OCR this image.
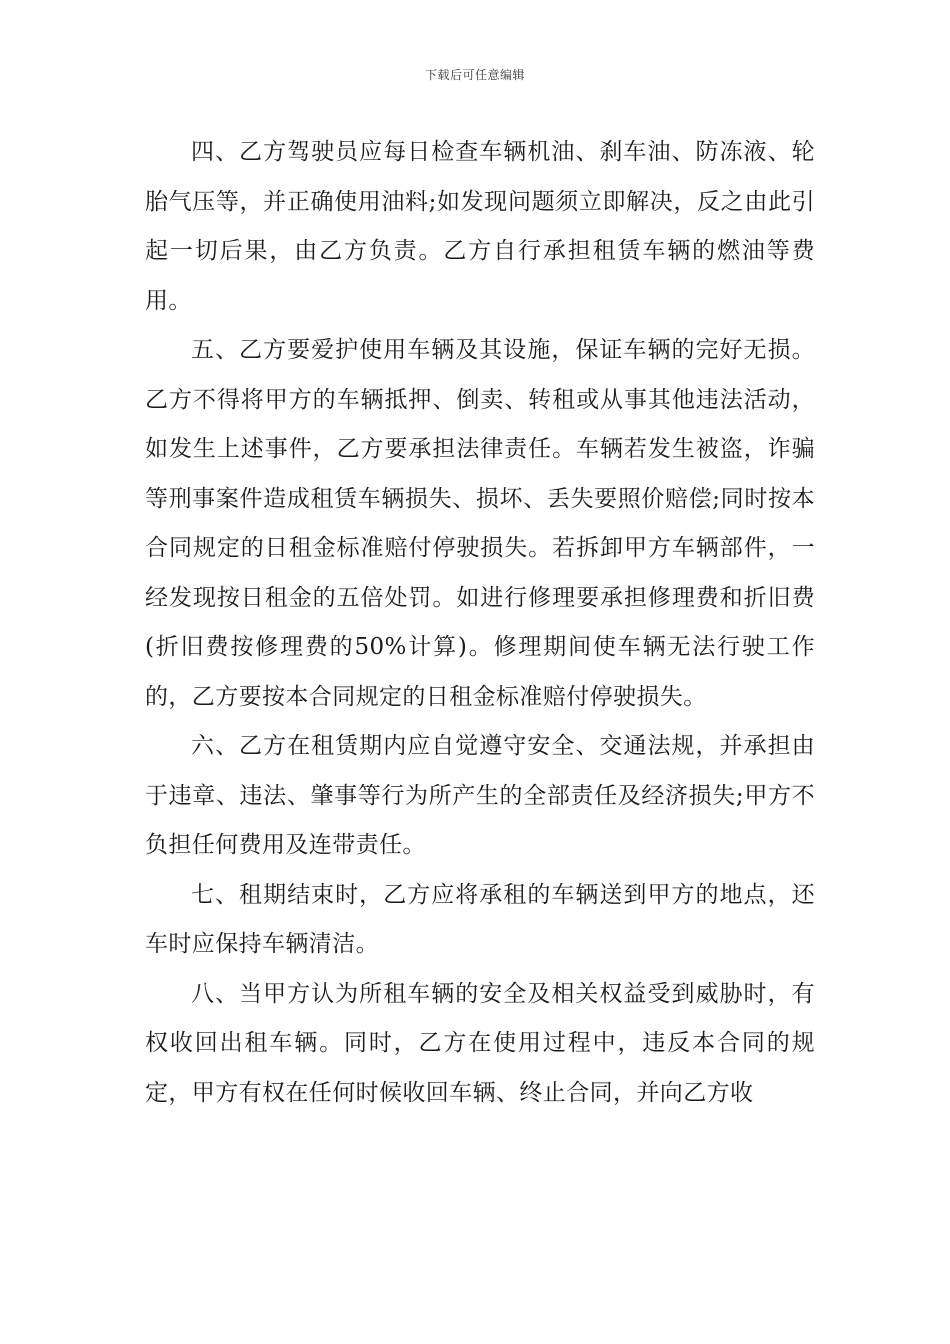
下载后可任意编辑

四、乙方驾驶员应每日检查车辆机油、刹车油、防冻液、轮胎气压等，并正确使用油料;如发现问题须立即解决，反之由此引起一切后果，由乙方负责。乙方自行承担租赁车辆的燃油等费用。

五、乙方要爱护使用车辆及其设施，保证车辆的完好无损。乙方不得将甲方的车辆抵押、倒卖、转租或从事其他违法活动，如发生上述事件，乙方要承担法律责任。车辆若发生被盗，诈骗等刑事案件造成租赁车辆损失、损坏、丢失要照价赔偿;同时按本合同规定的日租金标准赔付停驶损失。若拆卸甲方车辆部件，一经发现按日租金的五倍处罚。如进行修理要承担修理费和折旧费(折旧费按修理费的50%计算)。修理期间使车辆无法行驶工作的，乙方要按本合同规定的日租金标准赔付停驶损失。

六、乙方在租赁期内应自觉遵守安全、交通法规，并承担由于违章、违法、肇事等行为所产生的全部责任及经济损失;甲方不负担任何费用及连带责任。

七、租期结束时，乙方应将承租的车辆送到甲方的地点，还车时应保持车辆清洁。

八、当甲方认为所租车辆的安全及相关权益受到威胁时，有权收回出租车辆。同时，乙方在使用过程中，违反本合同的规定，甲方有权在任何时候收回车辆、终止合同，并向乙方收
